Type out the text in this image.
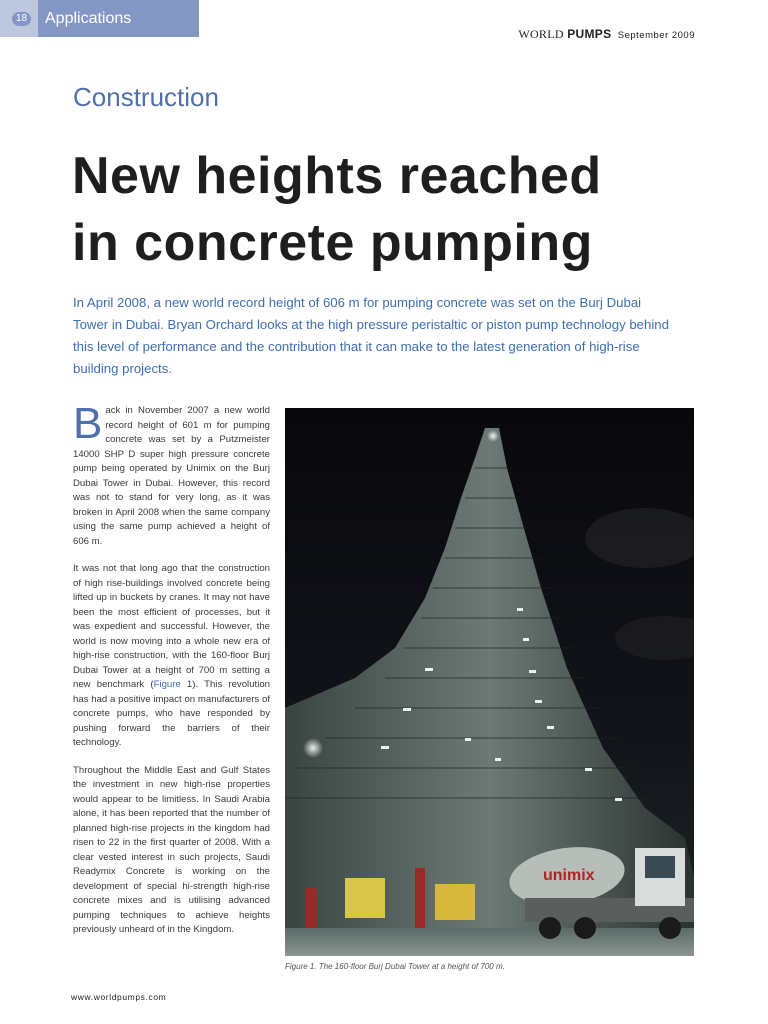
18 Applications
WORLD PUMPS September 2009
Construction
New heights reached
in concrete pumping

In April 2008, a new world record height of 606 m for pumping concrete was set on the Burj Dubai Tower in Dubai. Bryan Orchard looks at the high pressure peristaltic or piston pump technology behind this level of performance and the contribution that it can make to the latest generation of high-rise building projects.

Back in November 2007 a new world record height of 601 m for pumping concrete was set by a Putzmeister 14000 SHP D super high pressure concrete pump being operated by Unimix on the Burj Dubai Tower in Dubai. However, this record was not to stand for very long, as it was broken in April 2008 when the same company using the same pump achieved a height of 606 m.

It was not that long ago that the construction of high rise-buildings involved concrete being lifted up in buckets by cranes. It may not have been the most efficient of processes, but it was expedient and successful. However, the world is now moving into a whole new era of high-rise construction, with the 160-floor Burj Dubai Tower at a height of 700 m setting a new benchmark (Figure 1). This revolution has had a positive impact on manufacturers of concrete pumps, who have responded by pushing forward the barriers of their technology.

Throughout the Middle East and Gulf States the investment in new high-rise properties would appear to be limitless. In Saudi Arabia alone, it has been reported that the number of planned high-rise projects in the kingdom had risen to 22 in the first quarter of 2008. With a clear vested interest in such projects, Saudi Readymix Concrete is working on the development of special hi-strength high-rise concrete mixes and is utilising advanced pumping techniques to achieve heights previously unheard of in the Kingdom.

unimix
Figure 1. The 160-floor Burj Dubai Tower at a height of 700 m.
www.worldpumps.com
